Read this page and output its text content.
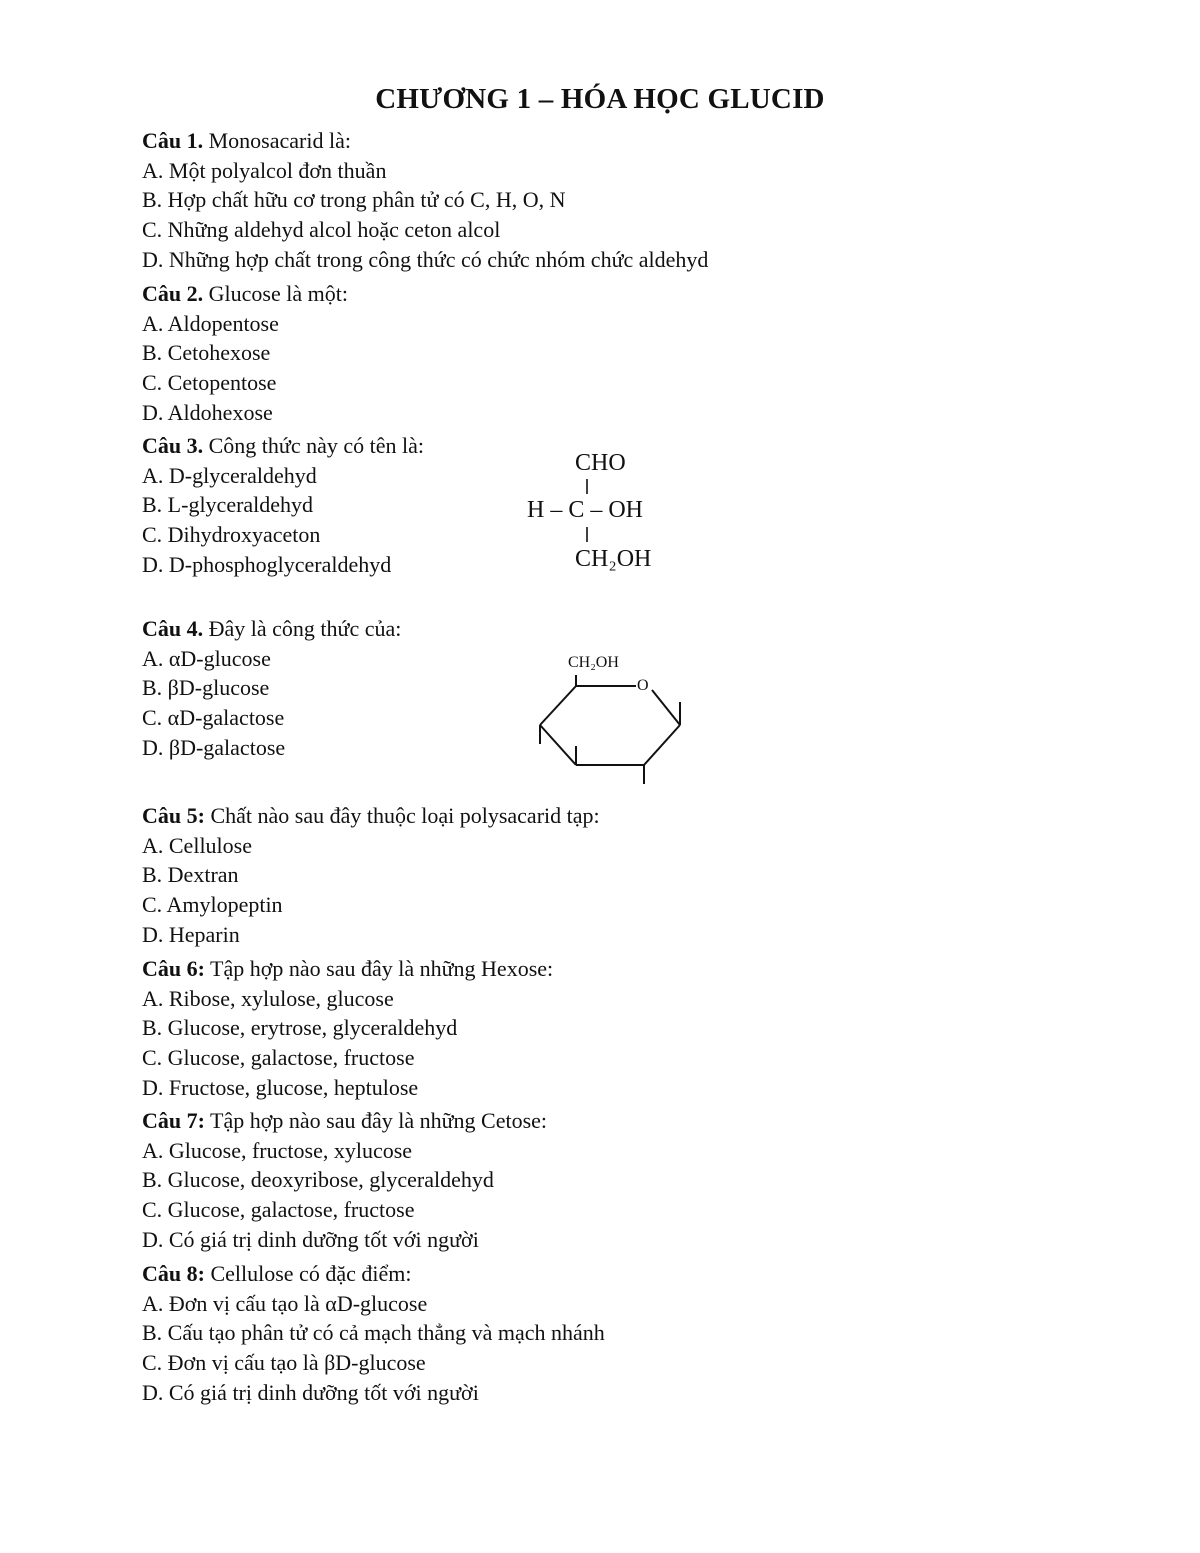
CHƯƠNG 1 – HÓA HỌC GLUCID
Câu 1. Monosacarid là:
A. Một polyalcol đơn thuần
B. Hợp chất hữu cơ trong phân tử có C, H, O, N
C. Những aldehyd alcol hoặc ceton alcol
D. Những hợp chất trong công thức có chức nhóm chức aldehyd
Câu 2. Glucose là một:
A. Aldopentose
B. Cetohexose
C. Cetopentose
D. Aldohexose
Câu 3. Công thức này có tên là:
A. D-glyceraldehyd
B. L-glyceraldehyd
C. Dihydroxyaceton
D. D-phosphoglyceraldehyd
CHO
H – C – OH
CH₂OH
Câu 4. Đây là công thức của:
A. αD-glucose
B. βD-glucose
C. αD-galactose
D. βD-galactose
CH₂OH
O
Câu 5: Chất nào sau đây thuộc loại polysacarid tạp:
A. Cellulose
B. Dextran
C. Amylopeptin
D. Heparin
Câu 6: Tập hợp nào sau đây là những Hexose:
A. Ribose, xylulose, glucose
B. Glucose, erytrose, glyceraldehyd
C. Glucose, galactose, fructose
D. Fructose, glucose, heptulose
Câu 7: Tập hợp nào sau đây là những Cetose:
A. Glucose, fructose, xylucose
B. Glucose, deoxyribose, glyceraldehyd
C. Glucose, galactose, fructose
D. Có giá trị dinh dưỡng tốt với người
Câu 8: Cellulose có đặc điểm:
A. Đơn vị cấu tạo là αD-glucose
B. Cấu tạo phân tử có cả mạch thẳng và mạch nhánh
C. Đơn vị cấu tạo là βD-glucose
D. Có giá trị dinh dưỡng tốt với người
